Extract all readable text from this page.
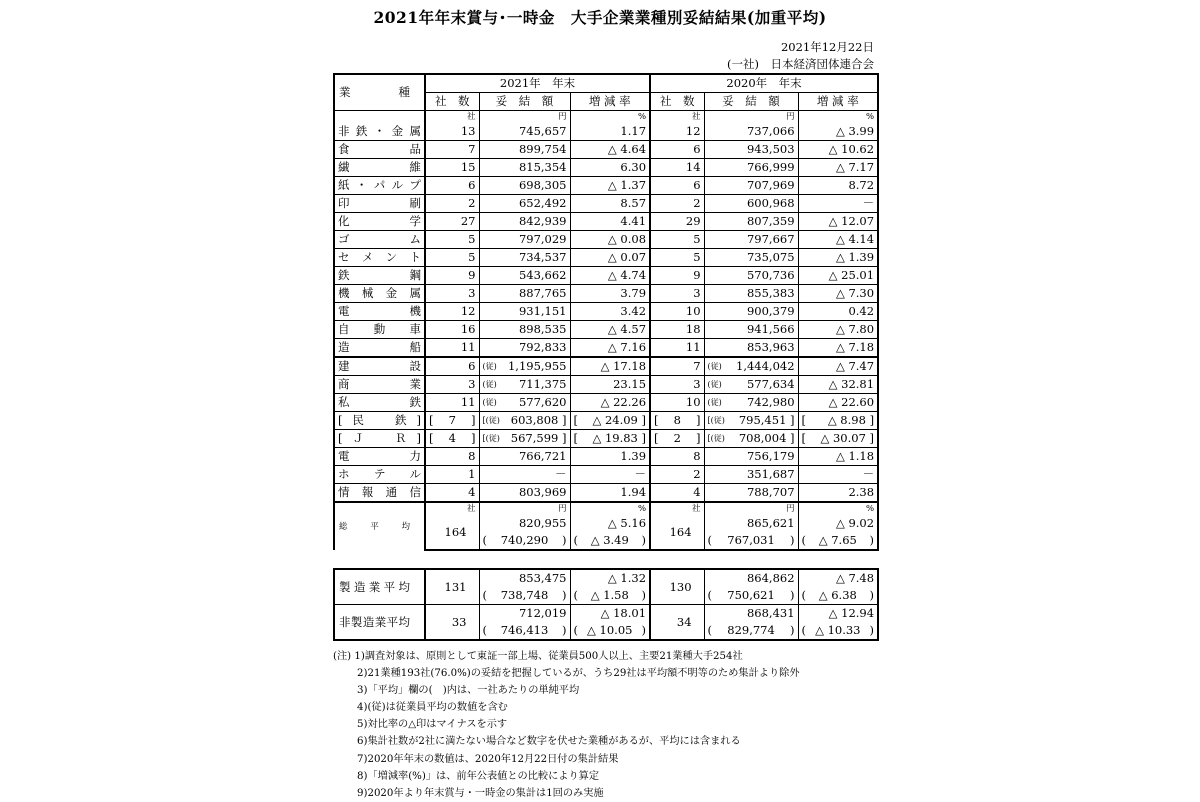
2021年年末賞与･一時金　大手企業業種別妥結結果(加重平均)
2021年12月22日
(一社)　日本経済団体連合会
業　　　種	2021年　年末			2020年　年末		
	社　数	妥　結　額	増 減 率	社　数	妥　結　額	増 減 率
	社	円	%	社	円	%
非鉄・金属	13	745,657	1.17	12	737,066	△ 3.99
食品	7	899,754	△ 4.64	6	943,503	△ 10.62
繊維	15	815,354	6.30	14	766,999	△ 7.17
紙・パルプ	6	698,305	△ 1.37	6	707,969	8.72
印刷	2	652,492	8.57	2	600,968	－
化学	27	842,939	4.41	29	807,359	△ 12.07
ゴム	5	797,029	△ 0.08	5	797,667	△ 4.14
セメント	5	734,537	△ 0.07	5	735,075	△ 1.39
鉄鋼	9	543,662	△ 4.74	9	570,736	△ 25.01
機械金属	3	887,765	3.79	3	855,383	△ 7.30
電機	12	931,151	3.42	10	900,379	0.42
自動車	16	898,535	△ 4.57	18	941,566	△ 7.80
造船	11	792,833	△ 7.16	11	853,963	△ 7.18
建設	6	(従) 1,195,955	△ 17.18	7	(従) 1,444,042	△ 7.47
商業	3	(従) 711,375	23.15	3	(従) 577,634	△ 32.81
私鉄	11	(従) 577,620	△ 22.26	10	(従) 742,980	△ 22.60

[ 民鉄 ]	[ 7 ]	[(従) 603,808 ]	[ △ 24.09 ]	[ 8 ]	[(従) 795,451 ]	[ △ 8.98 ]

[ ＪＲ ]	[ 4 ]	[(従) 567,599 ]	[ △ 19.83 ]	[ 2 ]	[(従) 708,004 ]	[ △ 30.07 ]

電力	8	766,721	1.39	8	756,179	△ 1.18
ホテル	1	－	－	2	351,687	－
情報通信	4	803,969	1.94	4	788,707	2.38
総　平　均	社	円	%	社	円	%
	164	820,955	△ 5.16	164	865,621	△ 9.02

		( 740,290 )	( △ 3.49 )		( 767,031 )	( △ 7.65 )

製造業平均	131	853,475	△ 1.32	130	864,862	△ 7.48

		( 738,748 )	( △ 1.58 )		( 750,621 )	( △ 6.38 )

非製造業平均	33	712,019	△ 18.01	34	868,431	△ 12.94

		( 746,413 )	( △ 10.05 )		( 829,774 )	( △ 10.33 )
(注) 1)調査対象は、原則として東証一部上場、従業員500人以上、主要21業種大手254社
2)21業種193社(76.0%)の妥結を把握しているが、うち29社は平均額不明等のため集計より除外
3)「平均」欄の(　)内は、一社あたりの単純平均
4)(従)は従業員平均の数値を含む
5)対比率の△印はマイナスを示す
6)集計社数が2社に満たない場合など数字を伏せた業種があるが、平均には含まれる
7)2020年年末の数値は、2020年12月22日付の集計結果
8)「増減率(%)」は、前年公表値との比較により算定
9)2020年より年末賞与・一時金の集計は1回のみ実施
